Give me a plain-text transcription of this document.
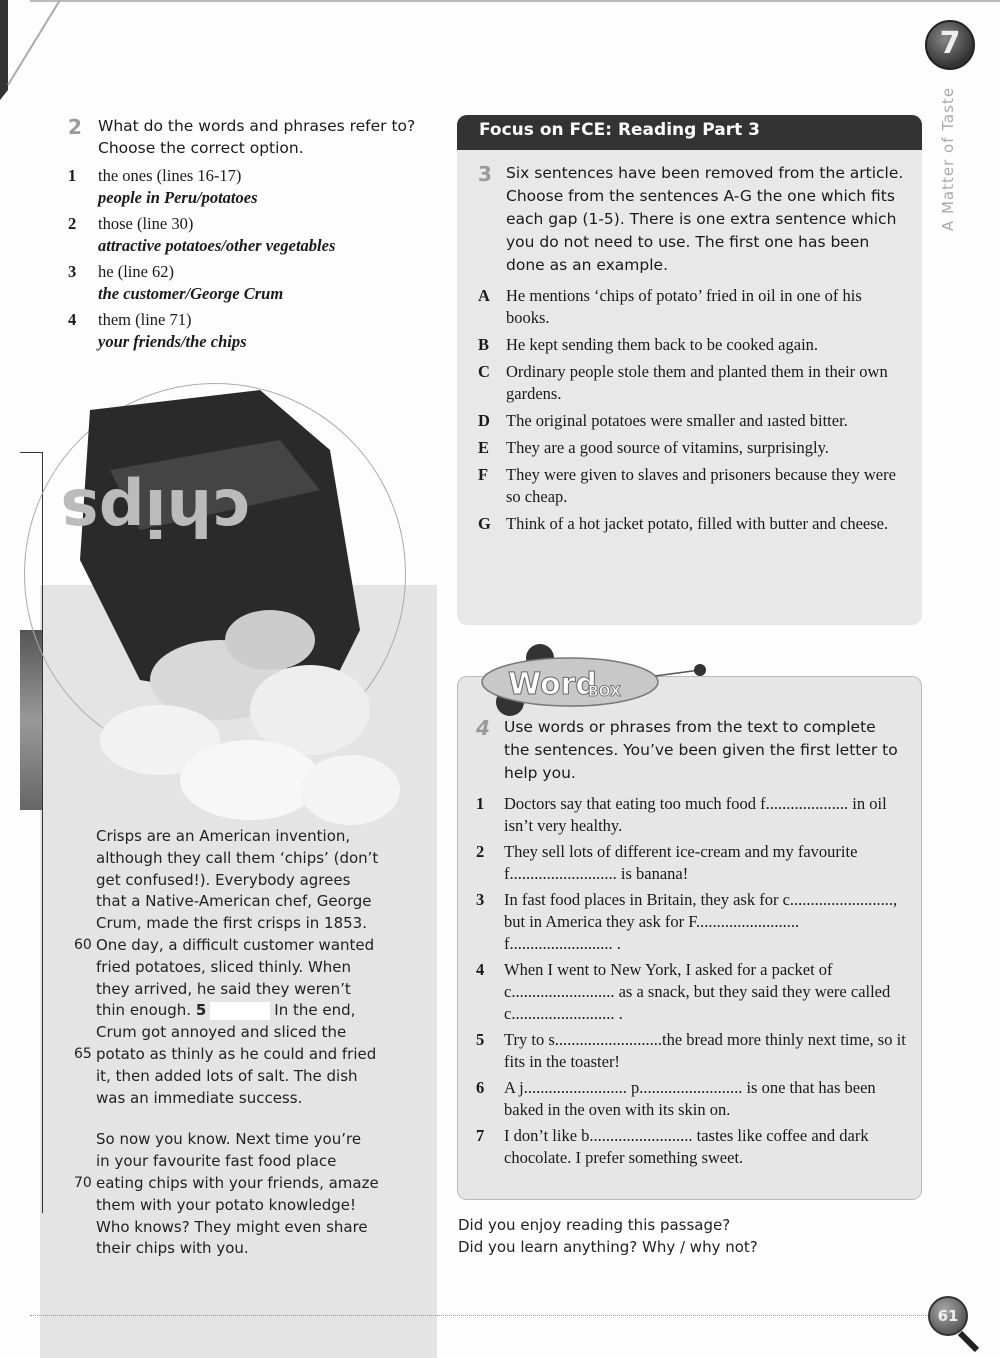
2 What do the words and phrases refer to? Choose the correct option.
1 the ones (lines 16-17)
people in Peru/potatoes
2 those (line 30)
attractive potatoes/other vegetables
3 he (line 62)
the customer/George Crum
4 them (line 71)
your friends/the chips
chips

Crisps are an American invention,
although they call them ‘chips’ (don’t
get confused!). Everybody agrees
that a Native-American chef, George
Crum, made the first crisps in 1853.
60 One day, a difficult customer wanted
fried potatoes, sliced thinly. When
they arrived, he said they weren’t
thin enough. 5	In the end,
Crum got annoyed and sliced the
65 potato as thinly as he could and fried
it, then added lots of salt. The dish
was an immediate success.

So now you know. Next time you’re
in your favourite fast food place
70 eating chips with your friends, amaze
them with your potato knowledge!
Who knows? They might even share
their chips with you.

Focus on FCE: Reading Part 3
3 Six sentences have been removed from the article. Choose from the sentences A-G the one which fits each gap (1-5). There is one extra sentence which you do not need to use. The first one has been done as an example.
A He mentions ‘chips of potato’ fried in oil in one of his books.
B He kept sending them back to be cooked again.
C Ordinary people stole them and planted them in their own gardens.
D The original potatoes were smaller and ıasted bitter.
E They are a good source of vitamins, surprisingly.
F They were given to slaves and prisoners because they were so cheap.
G Think of a hot jacket potato, filled with butter and cheese.
Word
BOX
4 Use words or phrases from the text to complete the sentences. You’ve been given the first letter to help you.
1 Doctors say that eating too much food f.................... in oil isn’t very healthy.
2 They sell lots of different ice-cream and my favourite f.......................... is banana!
3 In fast food places in Britain, they ask for c........................., but in America they ask for F......................... f......................... .
4 When I went to New York, I asked for a packet of c......................... as a snack, but they said they were called c......................... .
5 Try to s..........................the bread more thinly next time, so it fits in the toaster!
6 A j......................... p......................... is one that has been baked in the oven with its skin on.
7 I don’t like b......................... tastes like coffee and dark chocolate. I prefer something sweet.
Did you enjoy reading this passage?
Did you learn anything? Why / why not?
7
A Matter of Taste
61
